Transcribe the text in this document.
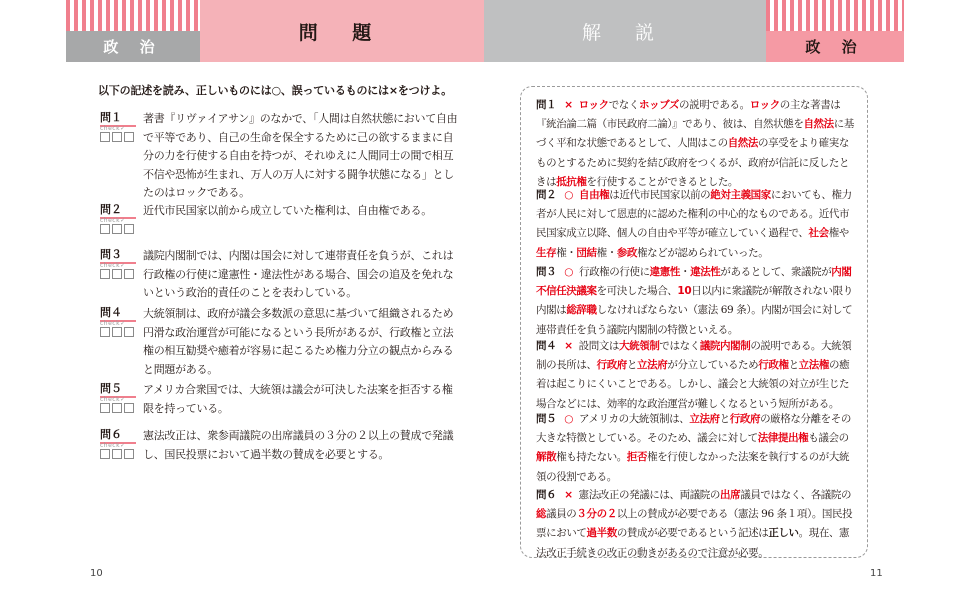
政 治
問 題	解 説
政 治
以下の記述を読み、正しいものには○、誤っているものには×をつけよ。
問１
check✓
著書『リヴァイアサン』のなかで、「人間は自然状態において自由で平等であり、自己の生命を保全するために己の欲するままに自分の力を行使する自由を持つが、それゆえに人間同士の間で相互不信や恐怖が生まれ、万人の万人に対する闘争状態になる」としたのはロックである。
問２
check✓
近代市民国家以前から成立していた権利は、自由権である。
問３
check✓
議院内閣制では、内閣は国会に対して連帯責任を負うが、これは行政権の行使に違憲性・違法性がある場合、国会の追及を免れないという政治的責任のことを表わしている。
問４
check✓
大統領制は、政府が議会多数派の意思に基づいて組織されるため円滑な政治運営が可能になるという長所があるが、行政権と立法権の相互勧奨や癒着が容易に起こるため権力分立の観点からみると問題がある。
問５
check✓
アメリカ合衆国では、大統領は議会が可決した法案を拒否する権限を持っている。
問６
check✓
憲法改正は、衆参両議院の出席議員の３分の２以上の賛成で発議し、国民投票において過半数の賛成を必要とする。
問１ × ロックでなくホッブズの説明である。ロックの主な著書は『統治論二篇（市民政府二論）』であり、彼は、自然状態を自然法に基づく平和な状態であるとして、人間はこの自然法の享受をより確実なものとするために契約を結び政府をつくるが、政府が信託に反したときは抵抗権を行使することができるとした。
問２ ○ 自由権は近代市民国家以前の絶対主義国家においても、権力者が人民に対して恩恵的に認めた権利の中心的なものである。近代市民国家成立以降、個人の自由や平等が確立していく過程で、社会権や生存権・団結権・参政権などが認められていった。
問３ ○ 行政権の行使に違憲性・違法性があるとして、衆議院が内閣不信任決議案を可決した場合、10日以内に衆議院が解散されない限り内閣は総辞職しなければならない（憲法 69 条）。内閣が国会に対して連帯責任を負う議院内閣制の特徴といえる。
問４ × 設問文は大統領制ではなく議院内閣制の説明である。大統領制の長所は、行政府と立法府が分立しているため行政権と立法権の癒着は起こりにくいことである。しかし、議会と大統領の対立が生じた場合などには、効率的な政治運営が難しくなるという短所がある。
問５ ○ アメリカの大統領制は、立法府と行政府の厳格な分離をその大きな特徴としている。そのため、議会に対して法律提出権も議会の解散権も持たない。拒否権を行使しなかった法案を執行するのが大統領の役割である。
問６ × 憲法改正の発議には、両議院の出席議員ではなく、各議院の総議員の３分の２以上の賛成が必要である（憲法 96 条１項）。国民投票において過半数の賛成が必要であるという記述は正しい。現在、憲法改正手続きの改正の動きがあるので注意が必要。
10	11
